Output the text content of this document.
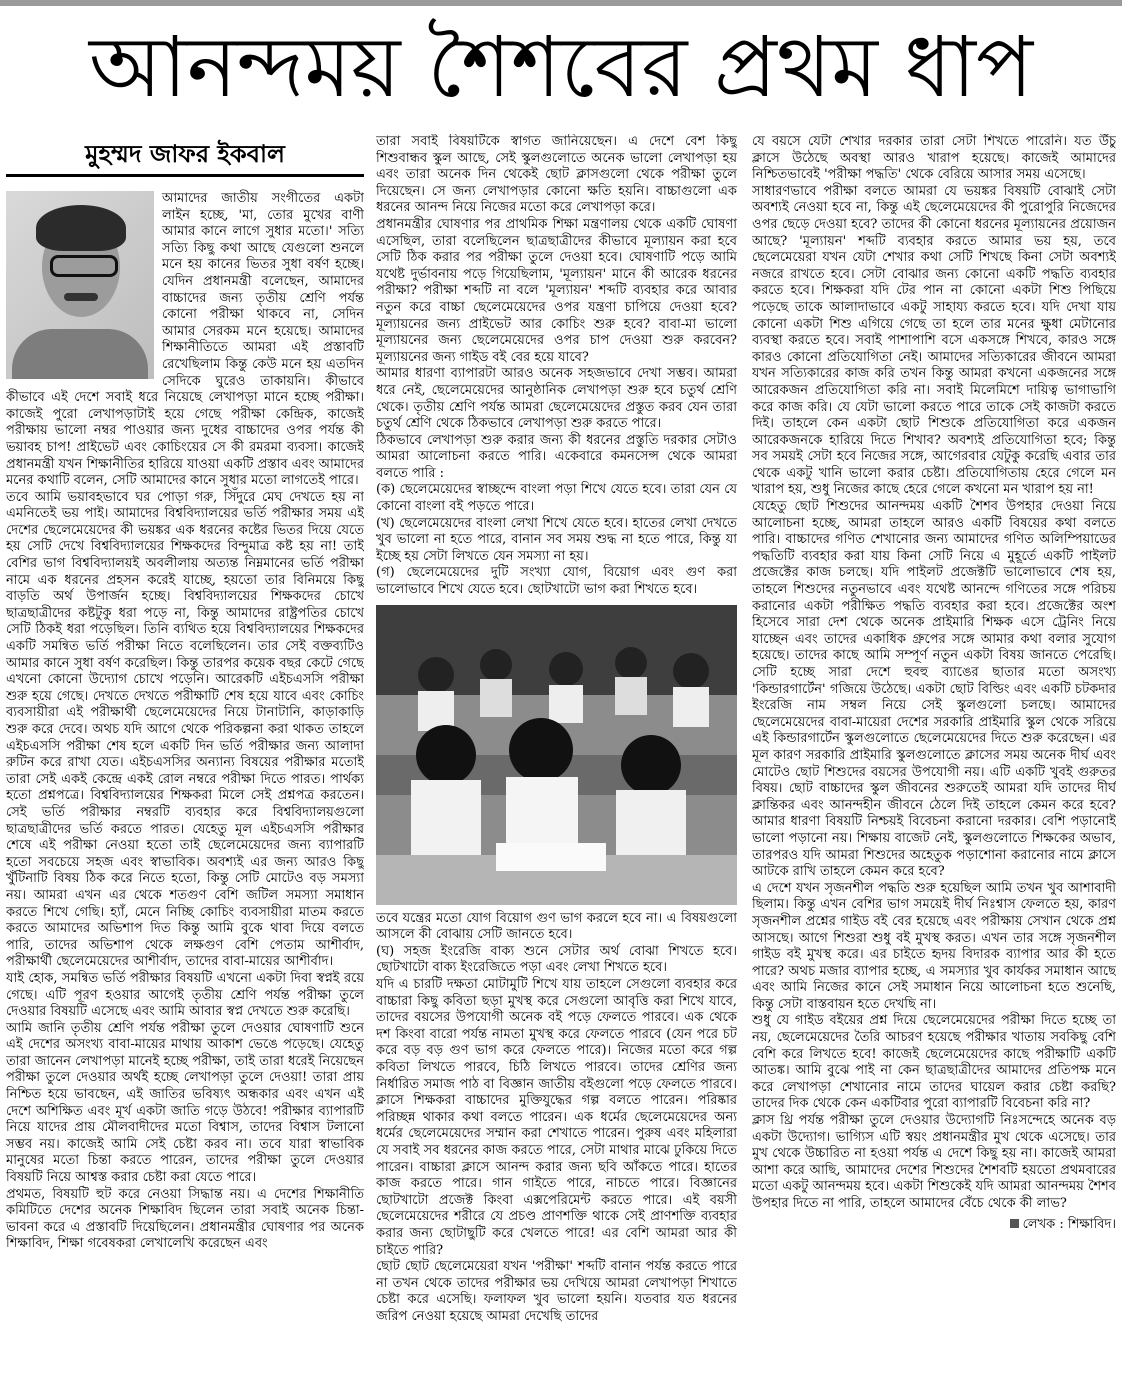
আনন্দময় শৈশবের প্রথম ধাপ
মুহম্মদ জাফর ইকবাল

আমাদের জাতীয় সংগীতের একটা লাইন হচ্ছে, 'মা, তোর মুখের বাণী আমার কানে লাগে সুধার মতো।' সত্যি সত্যি কিছু কথা আছে যেগুলো শুনলে মনে হয় কানের ভিতর সুধা বর্ষণ হচ্ছে। যেদিন প্রধানমন্ত্রী বলেছেন, আমাদের বাচ্চাদের জন্য তৃতীয় শ্রেণি পর্যন্ত কোনো পরীক্ষা থাকবে না, সেদিন আমার সেরকম মনে হয়েছে। আমাদের শিক্ষানীতিতে আমরা এই প্রস্তাবটি রেখেছিলাম কিন্তু কেউ মনে হয় এতদিন সেদিকে ঘুরেও তাকায়নি। কীভাবে কীভাবে এই দেশে সবাই ধরে নিয়েছে লেখাপড়া মানে হচ্ছে পরীক্ষা। কাজেই পুরো লেখাপড়াটাই হয়ে গেছে পরীক্ষা কেন্দ্রিক, কাজেই পরীক্ষায় ভালো নম্বর পাওয়ার জন্য দুধের বাচ্চাদের ওপর পর্যন্ত কী ভয়াবহ চাপ! প্রাইভেট এবং কোচিংয়ের সে কী রমরমা ব্যবসা। কাজেই প্রধানমন্ত্রী যখন শিক্ষানীতির হারিয়ে যাওয়া একটি প্রস্তাব এবং আমাদের মনের কথাটি বলেন, সেটি আমাদের কানে সুধার মতো লাগতেই পারে।

তবে আমি ভয়াবহভাবে ঘর পোড়া গরু, সিঁদুরে মেঘ দেখতে হয় না এমনিতেই ভয় পাই। আমাদের বিশ্ববিদ্যালয়ের ভর্তি পরীক্ষার সময় এই দেশের ছেলেমেয়েদের কী ভয়ঙ্কর এক ধরনের কষ্টের ভিতর দিয়ে যেতে হয় সেটি দেখে বিশ্ববিদ্যালয়ের শিক্ষকদের বিন্দুমাত্র কষ্ট হয় না! তাই বেশির ভাগ বিশ্ববিদ্যালয়ই অবলীলায় অত্যন্ত নিম্নমানের ভর্তি পরীক্ষা নামে এক ধরনের প্রহসন করেই যাচ্ছে, হয়তো তার বিনিময়ে কিছু বাড়তি অর্থ উপার্জন হচ্ছে। বিশ্ববিদ্যালয়ের শিক্ষকদের চোখে ছাত্রছাত্রীদের কষ্টটুকু ধরা পড়ে না, কিন্তু আমাদের রাষ্ট্রপতির চোখে সেটি ঠিকই ধরা পড়েছিল। তিনি ব্যথিত হয়ে বিশ্ববিদ্যালয়ের শিক্ষকদের একটি সমন্বিত ভর্তি পরীক্ষা নিতে বলেছিলেন। তার সেই বক্তব্যটিও আমার কানে সুধা বর্ষণ করেছিল। কিন্তু তারপর কয়েক বছর কেটে গেছে এখনো কোনো উদ্যোগ চোখে পড়েনি। আরেকটি এইচএসসি পরীক্ষা শুরু হয়ে গেছে। দেখতে দেখতে পরীক্ষাটি শেষ হয়ে যাবে এবং কোচিং ব্যবসায়ীরা এই পরীক্ষার্থী ছেলেমেয়েদের নিয়ে টানাটানি, কাড়াকাড়ি শুরু করে দেবে। অথচ যদি আগে থেকে পরিকল্পনা করা থাকত তাহলে এইচএসসি পরীক্ষা শেষ হলে একটি দিন ভর্তি পরীক্ষার জন্য আলাদা রুটিন করে রাখা যেত। এইচএসসির অন্যান্য বিষয়ের পরীক্ষার মতোই তারা সেই একই কেন্দ্রে একই রোল নম্বরে পরীক্ষা দিতে পারত। পার্থক্য হতো প্রশ্নপত্রে। বিশ্ববিদ্যালয়ের শিক্ষকরা মিলে সেই প্রশ্নপত্র করতেন। সেই ভর্তি পরীক্ষার নম্বরটি ব্যবহার করে বিশ্ববিদ্যালয়গুলো ছাত্রছাত্রীদের ভর্তি করতে পারত। যেহেতু মূল এইচএসসি পরীক্ষার শেষে এই পরীক্ষা নেওয়া হতো তাই ছেলেমেয়েদের জন্য ব্যাপারটি হতো সবচেয়ে সহজ এবং স্বাভাবিক। অবশ্যই এর জন্য আরও কিছু খুঁটিনাটি বিষয় ঠিক করে নিতে হতো, কিন্তু সেটি মোটেও বড় সমস্যা নয়। আমরা এখন এর থেকে শতগুণ বেশি জটিল সমস্যা সমাধান করতে শিখে গেছি। হ্যাঁ, মেনে নিচ্ছি কোচিং ব্যবসায়ীরা মাতম করতে করতে আমাদের অভিশাপ দিত কিন্তু আমি বুকে থাবা দিয়ে বলতে পারি, তাদের অভিশাপ থেকে লক্ষগুণ বেশি পেতাম আশীর্বাদ, পরীক্ষার্থী ছেলেমেয়েদের আশীর্বাদ, তাদের বাবা-মায়ের আশীর্বাদ।

যাই হোক, সমন্বিত ভর্তি পরীক্ষার বিষয়টি এখনো একটা দিবা স্বপ্নই রয়ে গেছে। এটি পূরণ হওয়ার আগেই তৃতীয় শ্রেণি পর্যন্ত পরীক্ষা তুলে দেওয়ার বিষয়টি এসেছে এবং আমি আবার স্বপ্ন দেখতে শুরু করেছি।

আমি জানি তৃতীয় শ্রেণি পর্যন্ত পরীক্ষা তুলে দেওয়ার ঘোষণাটি শুনে এই দেশের অসংখ্য বাবা-মায়ের মাথায় আকাশ ভেঙে পড়েছে। যেহেতু তারা জানেন লেখাপড়া মানেই হচ্ছে পরীক্ষা, তাই তারা ধরেই নিয়েছেন পরীক্ষা তুলে দেওয়ার অর্থই হচ্ছে লেখাপড়া তুলে দেওয়া! তারা প্রায় নিশ্চিত হয়ে ভাবছেন, এই জাতির ভবিষ্যৎ অন্ধকার এবং এখন এই দেশে অশিক্ষিত এবং মূর্খ একটা জাতি গড়ে উঠবে! পরীক্ষার ব্যাপারটি নিয়ে যাদের প্রায় মৌলবাদীদের মতো বিশ্বাস, তাদের বিশ্বাস টলানো সম্ভব নয়। কাজেই আমি সেই চেষ্টা করব না। তবে যারা স্বাভাবিক মানুষের মতো চিন্তা করতে পারেন, তাদের পরীক্ষা তুলে দেওয়ার বিষয়টি নিয়ে আশ্বস্ত করার চেষ্টা করা যেতে পারে।

প্রথমত, বিষয়টি হুট করে নেওয়া সিদ্ধান্ত নয়। এ দেশের শিক্ষানীতি কমিটিতে দেশের অনেক শিক্ষাবিদ ছিলেন তারা সবাই অনেক চিন্তা-ভাবনা করে এ প্রস্তাবটি দিয়েছিলেন। প্রধানমন্ত্রীর ঘোষণার পর অনেক শিক্ষাবিদ, শিক্ষা গবেষকরা লেখালেখি করেছেন এবং

তারা সবাই বিষয়টিকে স্বাগত জানিয়েছেন। এ দেশে বেশ কিছু শিশুবান্ধব স্কুল আছে, সেই স্কুলগুলোতে অনেক ভালো লেখাপড়া হয় এবং তারা অনেক দিন থেকেই ছোট ক্লাসগুলো থেকে পরীক্ষা তুলে দিয়েছেন। সে জন্য লেখাপড়ার কোনো ক্ষতি হয়নি। বাচ্চাগুলো এক ধরনের আনন্দ নিয়ে নিজের মতো করে লেখাপড়া করে।

প্রধানমন্ত্রীর ঘোষণার পর প্রাথমিক শিক্ষা মন্ত্রণালয় থেকে একটি ঘোষণা এসেছিল, তারা বলেছিলেন ছাত্রছাত্রীদের কীভাবে মূল্যায়ন করা হবে সেটি ঠিক করার পর পরীক্ষা তুলে দেওয়া হবে। ঘোষণাটি পড়ে আমি যথেষ্ট দুর্ভাবনায় পড়ে গিয়েছিলাম, 'মূল্যায়ন' মানে কী আরেক ধরনের পরীক্ষা? পরীক্ষা শব্দটি না বলে 'মূল্যায়ন' শব্দটি ব্যবহার করে আবার নতুন করে বাচ্চা ছেলেমেয়েদের ওপর যন্ত্রণা চাপিয়ে দেওয়া হবে? মূল্যায়নের জন্য প্রাইভেট আর কোচিং শুরু হবে? বাবা-মা ভালো মূল্যায়নের জন্য ছেলেমেয়েদের ওপর চাপ দেওয়া শুরু করবেন? মূল্যায়নের জন্য গাইড বই বের হয়ে যাবে?

আমার ধারণা ব্যাপারটা আরও অনেক সহজভাবে দেখা সম্ভব। আমরা ধরে নেই, ছেলেমেয়েদের আনুষ্ঠানিক লেখাপড়া শুরু হবে চতুর্থ শ্রেণি থেকে। তৃতীয় শ্রেণি পর্যন্ত আমরা ছেলেমেয়েদের প্রস্তুত করব যেন তারা চতুর্থ শ্রেণি থেকে ঠিকভাবে লেখাপড়া শুরু করতে পারে।

ঠিকভাবে লেখাপড়া শুরু করার জন্য কী ধরনের প্রস্তুতি দরকার সেটাও আমরা আলোচনা করতে পারি। একেবারে কমনসেন্স থেকে আমরা বলতে পারি :

(ক) ছেলেমেয়েদের স্বাচ্ছন্দে বাংলা পড়া শিখে যেতে হবে। তারা যেন যে কোনো বাংলা বই পড়তে পারে।

(খ) ছেলেমেয়েদের বাংলা লেখা শিখে যেতে হবে। হাতের লেখা দেখতে খুব ভালো না হতে পারে, বানান সব সময় শুদ্ধ না হতে পারে, কিন্তু যা ইচ্ছে হয় সেটা লিখতে যেন সমস্যা না হয়।

(গ) ছেলেমেয়েদের দুটি সংখ্যা যোগ, বিয়োগ এবং গুণ করা ভালোভাবে শিখে যেতে হবে। ছোটখাটো ভাগ করা শিখতে হবে।

তবে যন্ত্রের মতো যোগ বিয়োগ গুণ ভাগ করলে হবে না। এ বিষয়গুলো আসলে কী বোঝায় সেটি জানতে হবে।

(ঘ) সহজ ইংরেজি বাক্য শুনে সেটার অর্থ বোঝা শিখতে হবে। ছোটখাটো বাক্য ইংরেজিতে পড়া এবং লেখা শিখতে হবে।

যদি এ চারটি দক্ষতা মোটামুটি শিখে যায় তাহলে সেগুলো ব্যবহার করে বাচ্চারা কিছু কবিতা ছড়া মুখস্থ করে সেগুলো আবৃত্তি করা শিখে যাবে, তাদের বয়সের উপযোগী অনেক বই পড়ে ফেলতে পারবে। এক থেকে দশ কিংবা বারো পর্যন্ত নামতা মুখস্থ করে ফেলতে পারবে (যেন পরে চট করে বড় বড় গুণ ভাগ করে ফেলতে পারে)। নিজের মতো করে গল্প কবিতা লিখতে পারবে, চিঠি লিখতে পারবে। তাদের শ্রেণির জন্য নির্ধারিত সমাজ পাঠ বা বিজ্ঞান জাতীয় বইগুলো পড়ে ফেলতে পারবে। ক্লাসে শিক্ষকরা বাচ্চাদের মুক্তিযুদ্ধের গল্প বলতে পারেন। পরিষ্কার পরিচ্ছন্ন থাকার কথা বলতে পারেন। এক ধর্মের ছেলেমেয়েদের অন্য ধর্মের ছেলেমেয়েদের সম্মান করা শেখাতে পারেন। পুরুষ এবং মহিলারা যে সবাই সব ধরনের কাজ করতে পারে, সেটা মাথার মাঝে ঢুকিয়ে দিতে পারেন। বাচ্চারা ক্লাসে আনন্দ করার জন্য ছবি আঁকতে পারে। হাতের কাজ করতে পারে। গান গাইতে পারে, নাচতে পারে। বিজ্ঞানের ছোটখাটো প্রজেক্ট কিংবা এক্সপেরিমেন্ট করতে পারে। এই বয়সী ছেলেমেয়েদের শরীরে যে প্রচণ্ড প্রাণশক্তি থাকে সেই প্রাণশক্তি ব্যবহার করার জন্য ছোটাছুটি করে খেলতে পারে! এর বেশি আমরা আর কী চাইতে পারি?

ছোট ছোট ছেলেমেয়েরা যখন 'পরীক্ষা' শব্দটি বানান পর্যন্ত করতে পারে না তখন থেকে তাদের পরীক্ষার ভয় দেখিয়ে আমরা লেখাপড়া শিখাতে চেষ্টা করে এসেছি। ফলাফল খুব ভালো হয়নি। যতবার যত ধরনের জরিপ নেওয়া হয়েছে আমরা দেখেছি তাদের

যে বয়সে যেটা শেখার দরকার তারা সেটা শিখতে পারেনি। যত উঁচু ক্লাসে উঠেছে অবস্থা আরও খারাপ হয়েছে। কাজেই আমাদের নিশ্চিতভাবেই 'পরীক্ষা পদ্ধতি' থেকে বেরিয়ে আসার সময় এসেছে।

সাধারণভাবে পরীক্ষা বলতে আমরা যে ভয়ঙ্কর বিষয়টি বোঝাই সেটা অবশ্যই নেওয়া হবে না, কিন্তু এই ছেলেমেয়েদের কী পুরোপুরি নিজেদের ওপর ছেড়ে দেওয়া হবে? তাদের কী কোনো ধরনের মূল্যায়নের প্রয়োজন আছে? 'মূল্যায়ন' শব্দটি ব্যবহার করতে আমার ভয় হয়, তবে ছেলেমেয়েরা যখন যেটা শেখার কথা সেটি শিখছে কিনা সেটা অবশ্যই নজরে রাখতে হবে। সেটা বোঝার জন্য কোনো একটি পদ্ধতি ব্যবহার করতে হবে। শিক্ষকরা যদি টের পান না কোনো একটা শিশু পিছিয়ে পড়েছে তাকে আলাদাভাবে একটু সাহায্য করতে হবে। যদি দেখা যায় কোনো একটা শিশু এগিয়ে গেছে তা হলে তার মনের ক্ষুধা মেটানোর ব্যবস্থা করতে হবে। সবাই পাশাপাশি বসে একসঙ্গে শিখবে, কারও সঙ্গে কারও কোনো প্রতিযোগিতা নেই। আমাদের সত্যিকারের জীবনে আমরা যখন সত্যিকারের কাজ করি তখন কিন্তু আমরা কখনো একজনের সঙ্গে আরেকজন প্রতিযোগিতা করি না। সবাই মিলেমিশে দায়িত্ব ভাগাভাগি করে কাজ করি। যে যেটা ভালো করতে পারে তাকে সেই কাজটা করতে দিই। তাহলে কেন একটা ছোট শিশুকে প্রতিযোগিতা করে একজন আরেকজনকে হারিয়ে দিতে শিখাব? অবশ্যই প্রতিযোগিতা হবে; কিন্তু সব সময়ই সেটা হবে নিজের সঙ্গে, আগেরবার যেটুকু করেছি এবার তার থেকে একটু খানি ভালো করার চেষ্টা। প্রতিযোগিতায় হেরে গেলে মন খারাপ হয়, শুধু নিজের কাছে হেরে গেলে কখনো মন খারাপ হয় না!

যেহেতু ছোট শিশুদের আনন্দময় একটি শৈশব উপহার দেওয়া নিয়ে আলোচনা হচ্ছে, আমরা তাহলে আরও একটি বিষয়ের কথা বলতে পারি। বাচ্চাদের গণিত শেখানোর জন্য আমাদের গণিত অলিম্পিয়াডের পদ্ধতিটি ব্যবহার করা যায় কিনা সেটি নিয়ে এ মুহূর্তে একটি পাইলট প্রজেক্টের কাজ চলছে। যদি পাইলট প্রজেক্টটি ভালোভাবে শেষ হয়, তাহলে শিশুদের নতুনভাবে এবং যথেষ্ট আনন্দে গণিতের সঙ্গে পরিচয় করানোর একটা পরীক্ষিত পদ্ধতি ব্যবহার করা হবে। প্রজেক্টের অংশ হিসেবে সারা দেশ থেকে অনেক প্রাইমারি শিক্ষক এসে ট্রেনিং নিয়ে যাচ্ছেন এবং তাদের একাধিক গ্রুপের সঙ্গে আমার কথা বলার সুযোগ হয়েছে। তাদের কাছে আমি সম্পূর্ণ নতুন একটা বিষয় জানতে পেরেছি। সেটি হচ্ছে সারা দেশে হুবহু ব্যাঙের ছাতার মতো অসংখ্য 'কিন্ডারগার্টেন' গজিয়ে উঠেছে। একটা ছোট বিল্ডিং এবং একটি চটকদার ইংরেজি নাম সম্বল নিয়ে সেই স্কুলগুলো চলছে। আমাদের ছেলেমেয়েদের বাবা-মায়েরা দেশের সরকারি প্রাইমারি স্কুল থেকে সরিয়ে এই কিন্ডারগার্টেন স্কুলগুলোতে ছেলেমেয়েদের দিতে শুরু করেছেন। এর মূল কারণ সরকারি প্রাইমারি স্কুলগুলোতে ক্লাসের সময় অনেক দীর্ঘ এবং মোটেও ছোট শিশুদের বয়সের উপযোগী নয়। এটি একটি খুবই গুরুতর বিষয়। ছোট বাচ্চাদের স্কুল জীবনের শুরুতেই আমরা যদি তাদের দীর্ঘ ক্লান্তিকর এবং আনন্দহীন জীবনে ঠেলে দিই তাহলে কেমন করে হবে? আমার ধারণা বিষয়টি নিশ্চয়ই বিবেচনা করানো দরকার। বেশি পড়ানোই ভালো পড়ানো নয়। শিক্ষায় বাজেট নেই, স্কুলগুলোতে শিক্ষকের অভাব, তারপরও যদি আমরা শিশুদের অহেতুক পড়াশোনা করানোর নামে ক্লাসে আটকে রাখি তাহলে কেমন করে হবে?

এ দেশে যখন সৃজনশীল পদ্ধতি শুরু হয়েছিল আমি তখন খুব আশাবাদী ছিলাম। কিন্তু এখন বেশির ভাগ সময়েই দীর্ঘ নিঃশ্বাস ফেলতে হয়, কারণ সৃজনশীল প্রশ্নের গাইড বই বের হয়েছে এবং পরীক্ষায় সেখান থেকে প্রশ্ন আসছে। আগে শিশুরা শুধু বই মুখস্থ করত। এখন তার সঙ্গে সৃজনশীল গাইড বই মুখস্থ করে। এর চাইতে হৃদয় বিদারক ব্যাপার আর কী হতে পারে? অথচ মজার ব্যাপার হচ্ছে, এ সমস্যার খুব কার্যকর সমাধান আছে এবং আমি নিজের কানে সেই সমাধান নিয়ে আলোচনা হতে শুনেছি, কিন্তু সেটা বাস্তবায়ন হতে দেখছি না।

শুধু যে গাইড বইয়ের প্রশ্ন দিয়ে ছেলেমেয়েদের পরীক্ষা দিতে হচ্ছে তা নয়, ছেলেমেয়েদের তৈরি আচরণ হয়েছে পরীক্ষার খাতায় সবকিছু বেশি বেশি করে লিখতে হবে! কাজেই ছেলেমেয়েদের কাছে পরীক্ষাটি একটি আতঙ্ক। আমি বুঝে পাই না কেন ছাত্রছাত্রীদের আমাদের প্রতিপক্ষ মনে করে লেখাপড়া শেখানোর নামে তাদের ঘায়েল করার চেষ্টা করছি? তাদের দিক থেকে কেন একটিবার পুরো ব্যাপারটি বিবেচনা করি না?

ক্লাস থ্রি পর্যন্ত পরীক্ষা তুলে দেওয়ার উদ্যোগটি নিঃসন্দেহে অনেক বড় একটা উদ্যোগ। ভাগ্যিস এটি স্বয়ং প্রধানমন্ত্রীর মুখ থেকে এসেছে। তার মুখ থেকে উচ্চারিত না হওয়া পর্যন্ত এ দেশে কিছু হয় না। কাজেই আমরা আশা করে আছি, আমাদের দেশের শিশুদের শৈশবটি হয়তো প্রথমবারের মতো একটু আনন্দময় হবে। একটা শিশুকেই যদি আমরা আনন্দময় শৈশব উপহার দিতে না পারি, তাহলে আমাদের বেঁচে থেকে কী লাভ?

লেখক : শিক্ষাবিদ।
